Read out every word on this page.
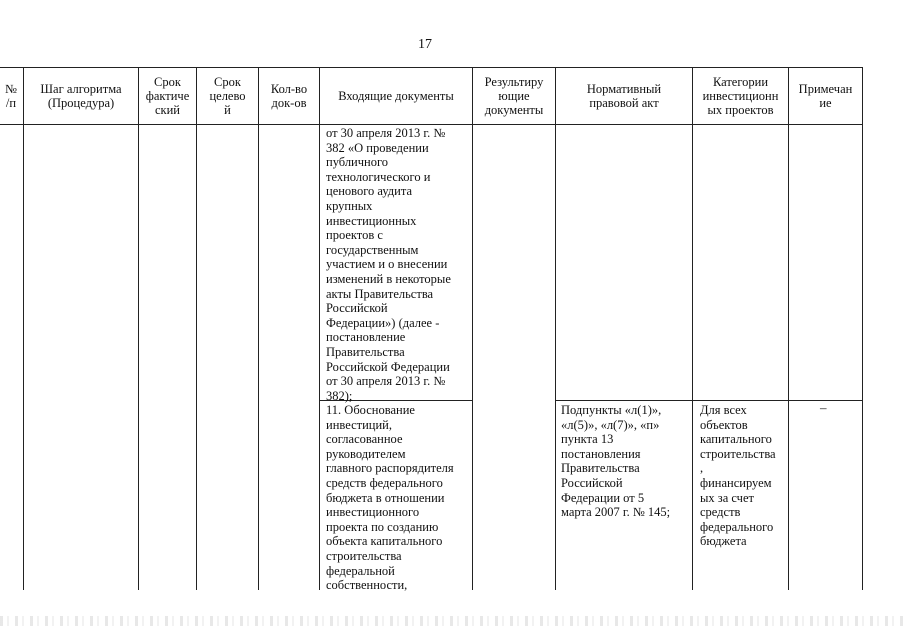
17
№
/п
Шаг алгоритма
(Процедура)
Срок
фактиче
ский
Срок
целево
й
Кол-во
док-ов	Входящие документы
Результиру
ющие
документы
Нормативный
правовой акт
Категории
инвестиционн
ых проектов
Примечан
ие
от 30 апреля 2013 г. №
382 «О проведении
публичного
технологического и
ценового аудита
крупных
инвестиционных
проектов с
государственным
участием и о внесении
изменений в некоторые
акты Правительства
Российской
Федерации») (далее -
постановление
Правительства
Российской Федерации
от 30 апреля 2013 г. №
382);
11. Обоснование
инвестиций,
согласованное
руководителем
главного распорядителя
средств федерального
бюджета в отношении
инвестиционного
проекта по созданию
объекта капитального
строительства
федеральной
собственности,
Подпункты «л(1)»,
«л(5)», «л(7)», «п»
пункта 13
постановления
Правительства
Российской
Федерации от 5
марта 2007 г. № 145;
Для всех
объектов
капитального
строительства
,
финансируем
ых за счет
средств
федерального
бюджета
–
